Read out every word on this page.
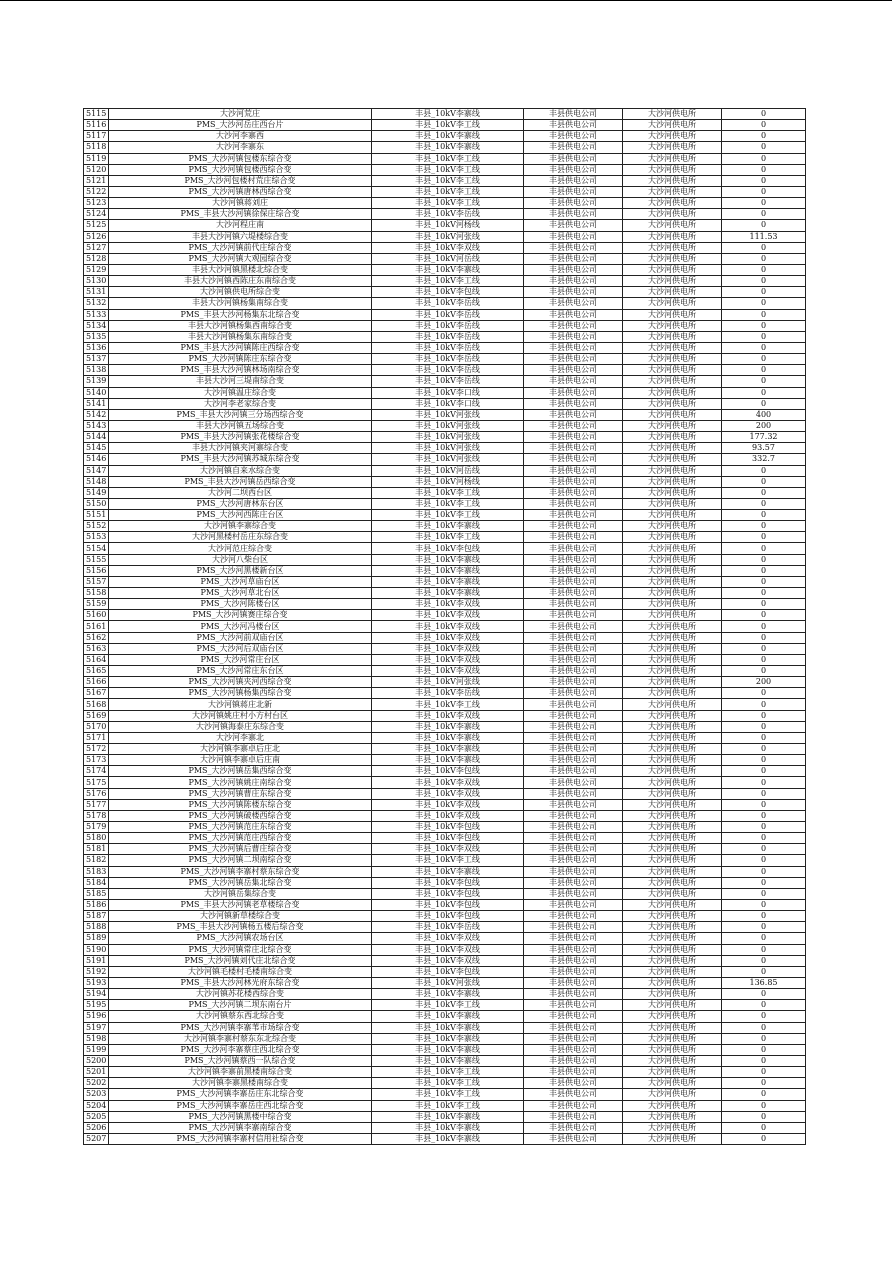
5115	大沙河荒庄	丰县_10kV李寨线	丰县供电公司	大沙河供电所	0
5116	PMS_大沙河岳庄西台片	丰县_10kV李工线	丰县供电公司	大沙河供电所	0
5117	大沙河李寨西	丰县_10kV李寨线	丰县供电公司	大沙河供电所	0
5118	大沙河李寨东	丰县_10kV李寨线	丰县供电公司	大沙河供电所	0
5119	PMS_大沙河镇包楼东综合变	丰县_10kV李工线	丰县供电公司	大沙河供电所	0
5120	PMS_大沙河镇包楼西综合变	丰县_10kV李工线	丰县供电公司	大沙河供电所	0
5121	PMS_大沙河包楼村荒庄综合变	丰县_10kV李工线	丰县供电公司	大沙河供电所	0
5122	PMS_大沙河镇唐林西综合变	丰县_10kV李工线	丰县供电公司	大沙河供电所	0
5123	大沙河镇蒋刘庄	丰县_10kV李工线	丰县供电公司	大沙河供电所	0
5124	PMS_丰县大沙河镇徐保庄综合变	丰县_10kV李岳线	丰县供电公司	大沙河供电所	0
5125	大沙河程庄南	丰县_10kV河杨线	丰县供电公司	大沙河供电所	0
5126	丰县大沙河镇六堤楼综合变	丰县_10kV河张线	丰县供电公司	大沙河供电所	111.53
5127	PMS_大沙河镇前代庄综合变	丰县_10kV李双线	丰县供电公司	大沙河供电所	0
5128	PMS_大沙河镇大观园综合变	丰县_10kV河岳线	丰县供电公司	大沙河供电所	0
5129	丰县大沙河镇黑楼北综合变	丰县_10kV李寨线	丰县供电公司	大沙河供电所	0
5130	丰县大沙河镇西陈庄东南综合变	丰县_10kV李工线	丰县供电公司	大沙河供电所	0
5131	大沙河镇供电所综合变	丰县_10kV李包线	丰县供电公司	大沙河供电所	0
5132	丰县大沙河镇杨集南综合变	丰县_10kV李岳线	丰县供电公司	大沙河供电所	0
5133	PMS_丰县大沙河杨集东北综合变	丰县_10kV李岳线	丰县供电公司	大沙河供电所	0
5134	丰县大沙河镇杨集西南综合变	丰县_10kV李岳线	丰县供电公司	大沙河供电所	0
5135	丰县大沙河镇杨集东南综合变	丰县_10kV李岳线	丰县供电公司	大沙河供电所	0
5136	PMS_丰县大沙河镇陈庄西综合变	丰县_10kV李岳线	丰县供电公司	大沙河供电所	0
5137	PMS_大沙河镇陈庄东综合变	丰县_10kV李岳线	丰县供电公司	大沙河供电所	0
5138	PMS_丰县大沙河镇林场南综合变	丰县_10kV李岳线	丰县供电公司	大沙河供电所	0
5139	丰县大沙河三堤南综合变	丰县_10kV李岳线	丰县供电公司	大沙河供电所	0
5140	大沙河镇温庄综合变	丰县_10kV李口线	丰县供电公司	大沙河供电所	0
5141	大沙河李老家综合变	丰县_10kV李口线	丰县供电公司	大沙河供电所	0
5142	PMS_丰县大沙河镇三分场西综合变	丰县_10kV河张线	丰县供电公司	大沙河供电所	400
5143	丰县大沙河镇五场综合变	丰县_10kV河张线	丰县供电公司	大沙河供电所	200
5144	PMS_丰县大沙河镇张花楼综合变	丰县_10kV河张线	丰县供电公司	大沙河供电所	177.32
5145	丰县大沙河镇夹河寨综合变	丰县_10kV河张线	丰县供电公司	大沙河供电所	93.57
5146	PMS_丰县大沙河镇苏城东综合变	丰县_10kV河张线	丰县供电公司	大沙河供电所	332.7
5147	大沙河镇自来水综合变	丰县_10kV河岳线	丰县供电公司	大沙河供电所	0
5148	PMS_丰县大沙河镇岳西综合变	丰县_10kV河杨线	丰县供电公司	大沙河供电所	0
5149	大沙河二坝西台区	丰县_10kV李工线	丰县供电公司	大沙河供电所	0
5150	PMS_大沙河唐林东台区	丰县_10kV李工线	丰县供电公司	大沙河供电所	0
5151	PMS_大沙河西陈庄台区	丰县_10kV李工线	丰县供电公司	大沙河供电所	0
5152	大沙河镇李寨综合变	丰县_10kV李寨线	丰县供电公司	大沙河供电所	0
5153	大沙河黑楼村岳庄东综合变	丰县_10kV李工线	丰县供电公司	大沙河供电所	0
5154	大沙河范庄综合变	丰县_10kV李包线	丰县供电公司	大沙河供电所	0
5155	大沙河八柴台区	丰县_10kV李寨线	丰县供电公司	大沙河供电所	0
5156	PMS_大沙河黑楼新台区	丰县_10kV李寨线	丰县供电公司	大沙河供电所	0
5157	PMS_大沙河草庙台区	丰县_10kV李寨线	丰县供电公司	大沙河供电所	0
5158	PMS_大沙河草北台区	丰县_10kV李寨线	丰县供电公司	大沙河供电所	0
5159	PMS_大沙河陈楼台区	丰县_10kV李双线	丰县供电公司	大沙河供电所	0
5160	PMS_大沙河镇赛庄综合变	丰县_10kV李双线	丰县供电公司	大沙河供电所	0
5161	PMS_大沙河冯楼台区	丰县_10kV李双线	丰县供电公司	大沙河供电所	0
5162	PMS_大沙河前双庙台区	丰县_10kV李双线	丰县供电公司	大沙河供电所	0
5163	PMS_大沙河后双庙台区	丰县_10kV李双线	丰县供电公司	大沙河供电所	0
5164	PMS_大沙河常庄台区	丰县_10kV李双线	丰县供电公司	大沙河供电所	0
5165	PMS_大沙河常庄东台区	丰县_10kV李双线	丰县供电公司	大沙河供电所	0
5166	PMS_大沙河镇夹河西综合变	丰县_10kV河张线	丰县供电公司	大沙河供电所	200
5167	PMS_大沙河镇杨集西综合变	丰县_10kV李岳线	丰县供电公司	大沙河供电所	0
5168	大沙河镇蒋庄北新	丰县_10kV李工线	丰县供电公司	大沙河供电所	0
5169	大沙河镇姚庄村小方村台区	丰县_10kV李双线	丰县供电公司	大沙河供电所	0
5170	大沙河镇海泰庄东综合变	丰县_10kV李寨线	丰县供电公司	大沙河供电所	0
5171	大沙河李寨北	丰县_10kV李寨线	丰县供电公司	大沙河供电所	0
5172	大沙河镇李寨卓后庄北	丰县_10kV李寨线	丰县供电公司	大沙河供电所	0
5173	大沙河镇李寨卓后庄南	丰县_10kV李寨线	丰县供电公司	大沙河供电所	0
5174	PMS_大沙河镇岳集西综合变	丰县_10kV李包线	丰县供电公司	大沙河供电所	0
5175	PMS_大沙河镇姚庄南综合变	丰县_10kV李双线	丰县供电公司	大沙河供电所	0
5176	PMS_大沙河镇曹庄东综合变	丰县_10kV李双线	丰县供电公司	大沙河供电所	0
5177	PMS_大沙河镇陈楼东综合变	丰县_10kV李双线	丰县供电公司	大沙河供电所	0
5178	PMS_大沙河镇破楼西综合变	丰县_10kV李双线	丰县供电公司	大沙河供电所	0
5179	PMS_大沙河镇范庄东综合变	丰县_10kV李包线	丰县供电公司	大沙河供电所	0
5180	PMS_大沙河镇范庄西综合变	丰县_10kV李包线	丰县供电公司	大沙河供电所	0
5181	PMS_大沙河镇后曹庄综合变	丰县_10kV李双线	丰县供电公司	大沙河供电所	0
5182	PMS_大沙河镇二坝南综合变	丰县_10kV李工线	丰县供电公司	大沙河供电所	0
5183	PMS_大沙河镇李寨村蔡东综合变	丰县_10kV李寨线	丰县供电公司	大沙河供电所	0
5184	PMS_大沙河镇岳集北综合变	丰县_10kV李包线	丰县供电公司	大沙河供电所	0
5185	大沙河镇岳集综合变	丰县_10kV李包线	丰县供电公司	大沙河供电所	0
5186	PMS_丰县大沙河镇老草楼综合变	丰县_10kV李包线	丰县供电公司	大沙河供电所	0
5187	大沙河镇新草楼综合变	丰县_10kV李包线	丰县供电公司	大沙河供电所	0
5188	PMS_丰县大沙河镇杨五楼后综合变	丰县_10kV李岳线	丰县供电公司	大沙河供电所	0
5189	PMS_大沙河镇农场台区	丰县_10kV李双线	丰县供电公司	大沙河供电所	0
5190	PMS_大沙河镇常庄北综合变	丰县_10kV李双线	丰县供电公司	大沙河供电所	0
5191	PMS_大沙河镇刘代庄北综合变	丰县_10kV李双线	丰县供电公司	大沙河供电所	0
5192	大沙河镇毛楼村毛楼南综合变	丰县_10kV李包线	丰县供电公司	大沙河供电所	0
5193	PMS_丰县大沙河林光府东综合变	丰县_10kV河张线	丰县供电公司	大沙河供电所	136.85
5194	大沙河镇苏花楼西综合变	丰县_10kV李寨线	丰县供电公司	大沙河供电所	0
5195	PMS_大沙河镇二坝东南台片	丰县_10kV李工线	丰县供电公司	大沙河供电所	0
5196	大沙河镇蔡东西北综合变	丰县_10kV李寨线	丰县供电公司	大沙河供电所	0
5197	PMS_大沙河镇李寨苇市场综合变	丰县_10kV李寨线	丰县供电公司	大沙河供电所	0
5198	大沙河镇李寨村蔡东东北综合变	丰县_10kV李寨线	丰县供电公司	大沙河供电所	0
5199	PMS_大沙河李寨蔡庄西北综合变	丰县_10kV李寨线	丰县供电公司	大沙河供电所	0
5200	PMS_大沙河镇蔡西一队综合变	丰县_10kV李寨线	丰县供电公司	大沙河供电所	0
5201	大沙河镇李寨前黑楼南综合变	丰县_10kV李工线	丰县供电公司	大沙河供电所	0
5202	大沙河镇李寨黑楼南综合变	丰县_10kV李工线	丰县供电公司	大沙河供电所	0
5203	PMS_大沙河镇李寨岳庄东北综合变	丰县_10kV李工线	丰县供电公司	大沙河供电所	0
5204	PMS_大沙河镇李寨岳庄西北综合变	丰县_10kV李工线	丰县供电公司	大沙河供电所	0
5205	PMS_大沙河镇黑楼中综合变	丰县_10kV李寨线	丰县供电公司	大沙河供电所	0
5206	PMS_大沙河镇李寨南综合变	丰县_10kV李寨线	丰县供电公司	大沙河供电所	0
5207	PMS_大沙河镇李寨村信用社综合变	丰县_10kV李寨线	丰县供电公司	大沙河供电所	0
